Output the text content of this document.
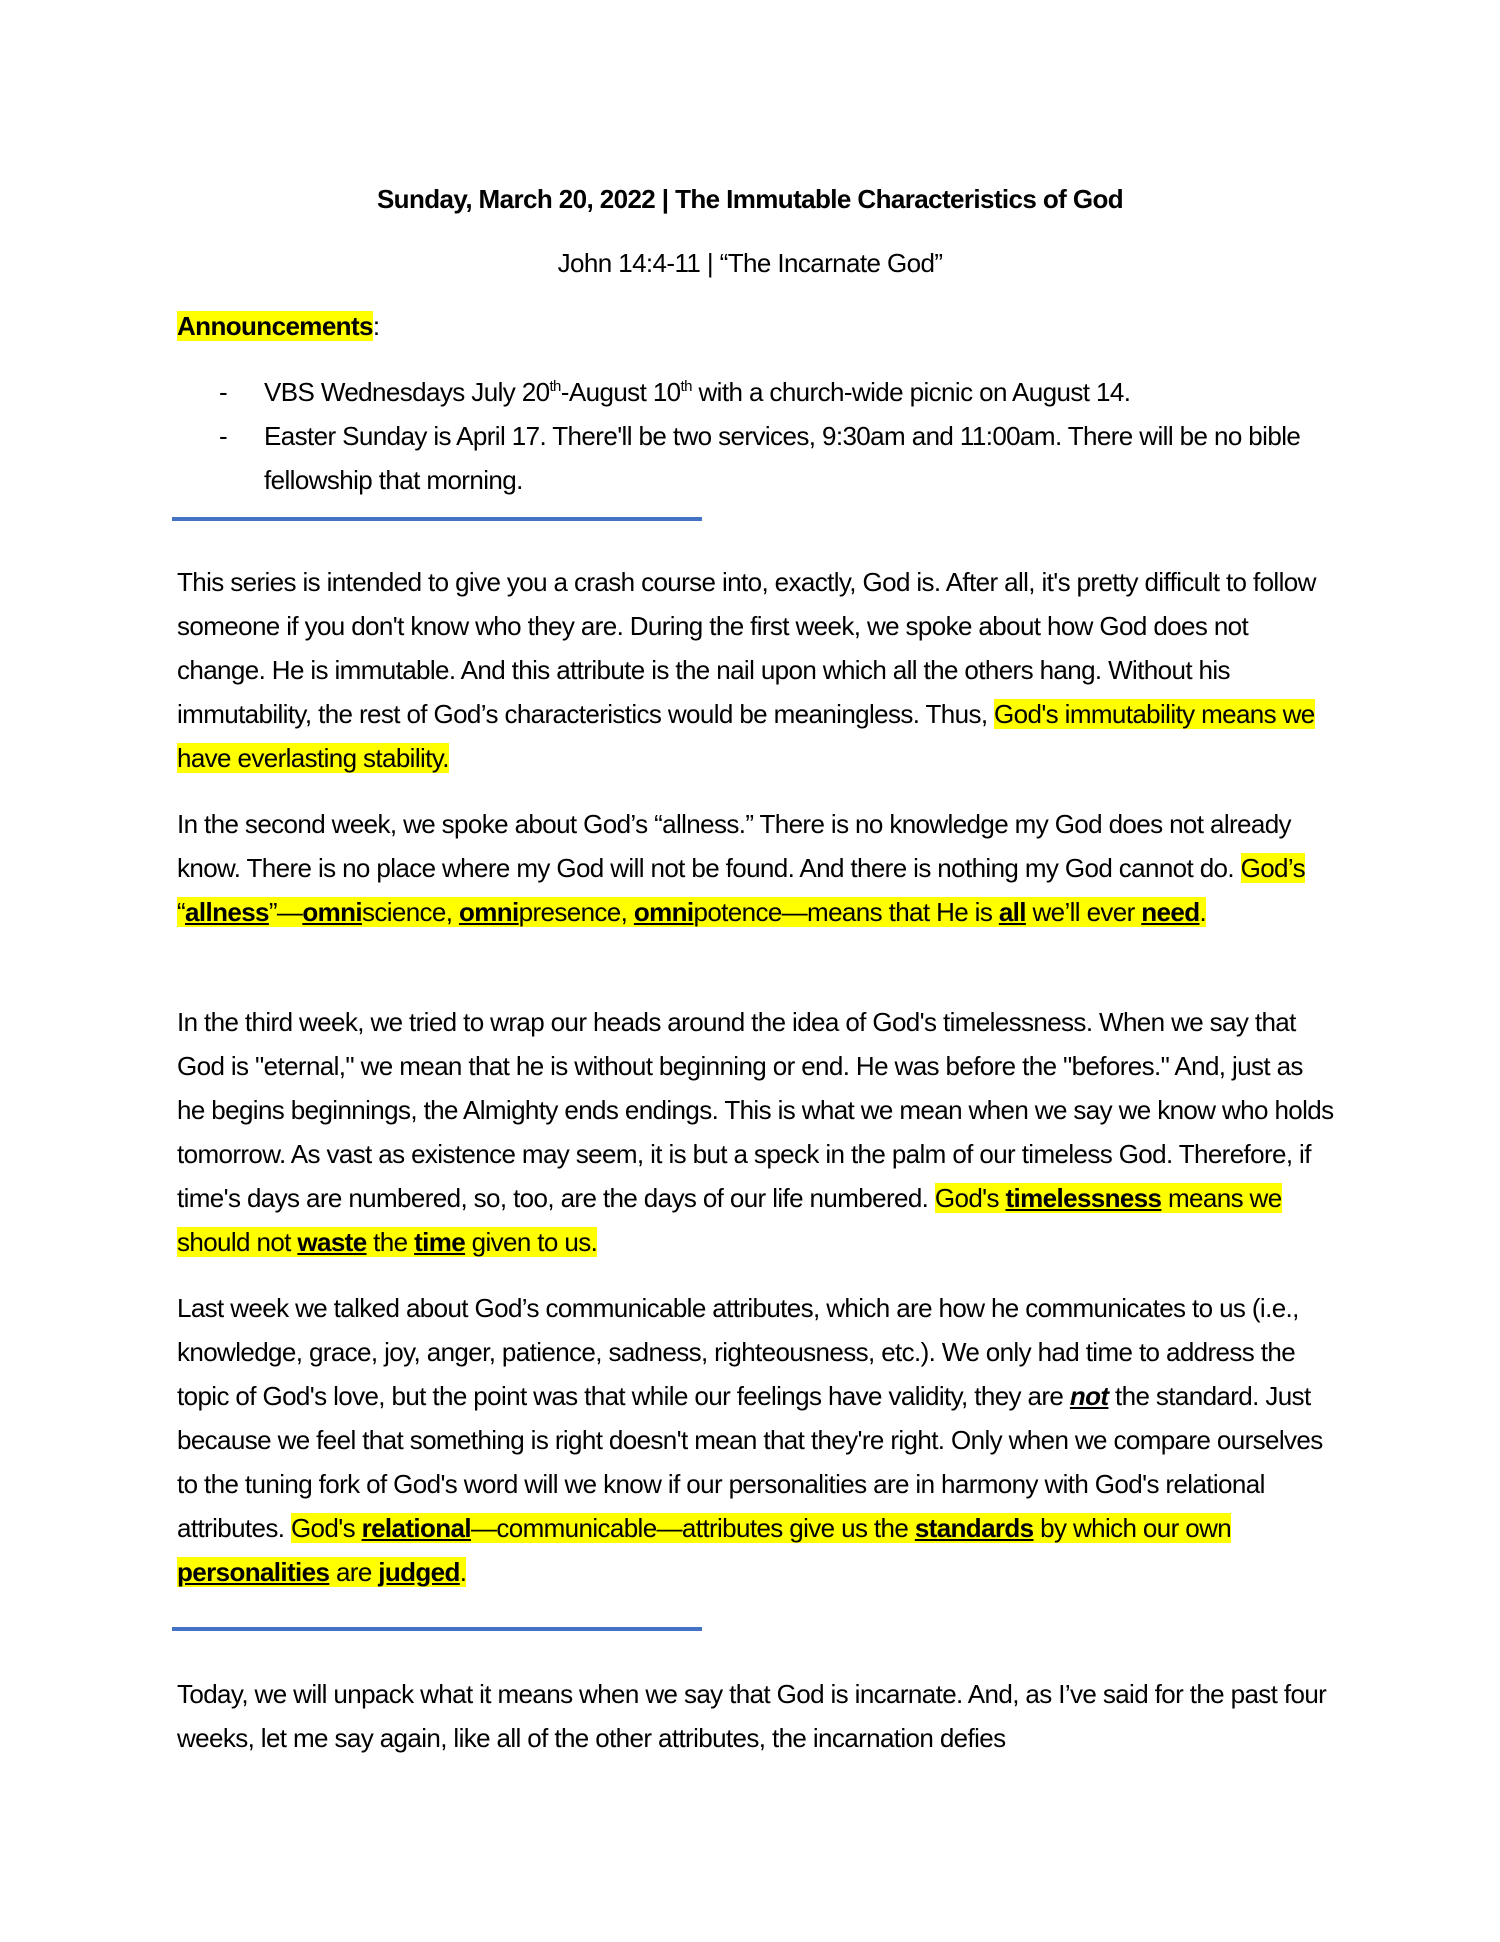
Sunday, March 20, 2022 | The Immutable Characteristics of God
John 14:4-11 | “The Incarnate God”
Announcements:
- VBS Wednesdays July 20th-August 10th with a church-wide picnic on August 14.
- Easter Sunday is April 17. There'll be two services, 9:30am and 11:00am. There will be no bible fellowship that morning.

This series is intended to give you a crash course into, exactly, God is. After all, it's pretty difficult to follow someone if you don't know who they are. During the first week, we spoke about how God does not change. He is immutable. And this attribute is the nail upon which all the others hang. Without his immutability, the rest of God’s characteristics would be meaningless. Thus, God's immutability means we have everlasting stability.

In the second week, we spoke about God’s “allness.” There is no knowledge my God does not already know. There is no place where my God will not be found. And there is nothing my God cannot do. God’s “allness”—omniscience, omnipresence, omnipotence—means that He is all we’ll ever need.

In the third week, we tried to wrap our heads around the idea of God's timelessness. When we say that God is "eternal," we mean that he is without beginning or end. He was before the "befores." And, just as he begins beginnings, the Almighty ends endings. This is what we mean when we say we know who holds tomorrow. As vast as existence may seem, it is but a speck in the palm of our timeless God. Therefore, if time's days are numbered, so, too, are the days of our life numbered. God's timelessness means we should not waste the time given to us.

Last week we talked about God’s communicable attributes, which are how he communicates to us (i.e., knowledge, grace, joy, anger, patience, sadness, righteousness, etc.). We only had time to address the topic of God's love, but the point was that while our feelings have validity, they are not the standard. Just because we feel that something is right doesn't mean that they're right. Only when we compare ourselves to the tuning fork of God's word will we know if our personalities are in harmony with God's relational attributes. God's relational—communicable—attributes give us the standards by which our own personalities are judged.

Today, we will unpack what it means when we say that God is incarnate. And, as I’ve said for the past four weeks, let me say again, like all of the other attributes, the incarnation defies
